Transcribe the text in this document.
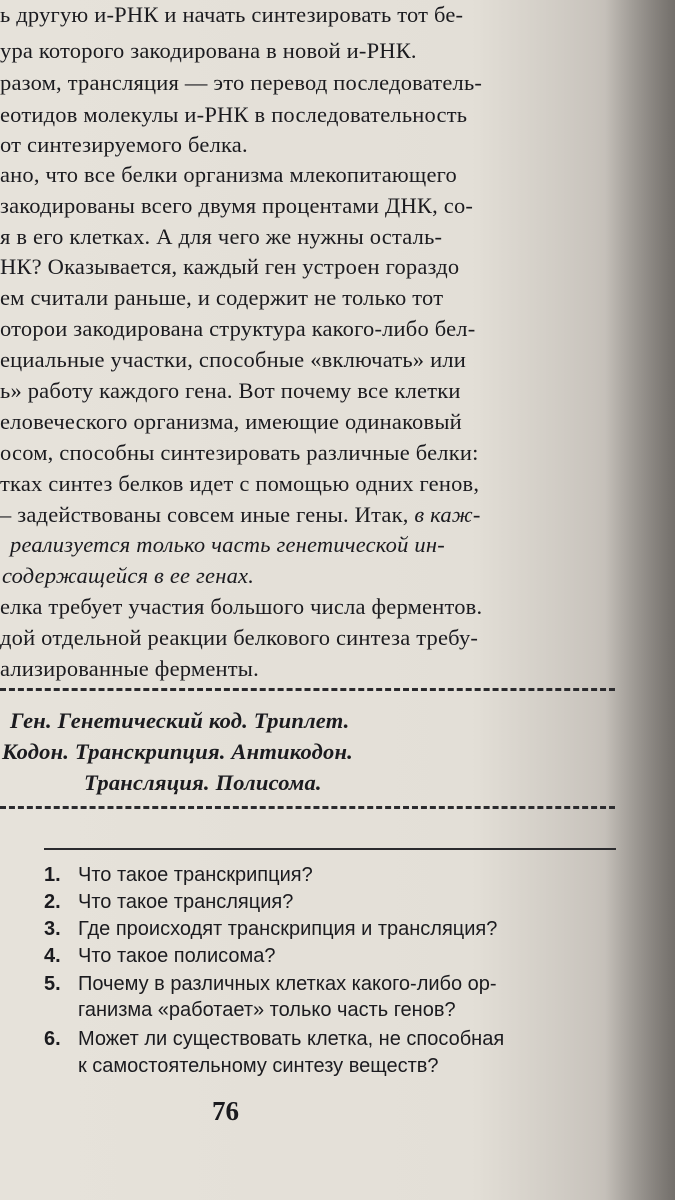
ь другую и-РНК и начать синтезировать тот бе-
ура которого закодирована в новой и-РНК.
разом, трансляция — это перевод последователь-
еотидов молекулы и-РНК в последовательность
от синтезируемого белка.
ано, что все белки организма млекопитающего
закодированы всего двумя процентами ДНК, со-
я в его клетках. А для чего же нужны осталь-
НК? Оказывается, каждый ген устроен гораздо
ем считали раньше, и содержит не только тот
оторои закодирована структура какого-либо бел-
ециальные участки, способные «включать» или
ь» работу каждого гена. Вот почему все клетки
еловеческого организма, имеющие одинаковый
осом, способны синтезировать различные белки:
тках синтез белков идет с помощью одних генов,
– задействованы совсем иные гены. Итак, в каж-
реализуется только часть генетической ин-
содержащейся в ее генах.
елка требует участия большого числа ферментов.
дой отдельной реакции белкового синтеза требу-
ализированные ферменты.
Ген. Генетический код. Триплет.
Кодон. Транскрипция. Антикодон.
Трансляция. Полисома.
1. Что такое транскрипция?
2. Что такое трансляция?
3. Где происходят транскрипция и трансляция?
4. Что такое полисома?
5. Почему в различных клетках какого-либо ор-
ганизма «работает» только часть генов?
6. Может ли существовать клетка, не способная
к самостоятельному синтезу веществ?
76
